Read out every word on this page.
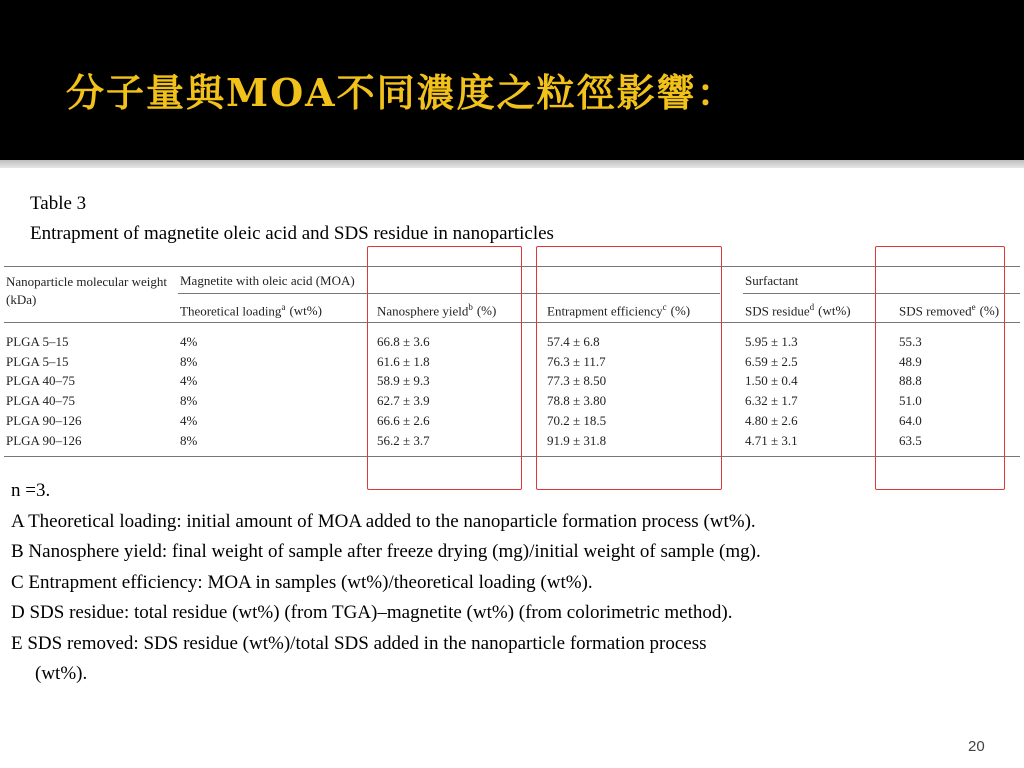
分子量與MOA不同濃度之粒徑影響：
Table 3
Entrapment of magnetite oleic acid and SDS residue in nanoparticles
Nanoparticle molecular weight (kDa)
Magnetite with oleic acid (MOA)	Surfactant
Theoretical loading$^a$ (wt%)	Nanosphere yield$^b$ (%)	Entrapment efficiency$^c$ (%)	SDS residue$^d$ (wt%)	SDS removed$^e$ (%)
PLGA 5–15	4%	66.8 ± 3.6	57.4 ± 6.8	5.95 ± 1.3	55.3
PLGA 5–15	8%	61.6 ± 1.8	76.3 ± 11.7	6.59 ± 2.5	48.9
PLGA 40–75	4%	58.9 ± 9.3	77.3 ± 8.50	1.50 ± 0.4	88.8
PLGA 40–75	8%	62.7 ± 3.9	78.8 ± 3.80	6.32 ± 1.7	51.0
PLGA 90–126	4%	66.6 ± 2.6	70.2 ± 18.5	4.80 ± 2.6	64.0
PLGA 90–126	8%	56.2 ± 3.7	91.9 ± 31.8	4.71 ± 3.1	63.5

n =3.

A Theoretical loading: initial amount of MOA added to the nanoparticle formation process (wt%).

B Nanosphere yield: final weight of sample after freeze drying (mg)/initial weight of sample (mg).

C Entrapment efficiency: MOA in samples (wt%)/theoretical loading (wt%).

D SDS residue: total residue (wt%) (from TGA)–magnetite (wt%) (from colorimetric method).

E SDS removed: SDS residue (wt%)/total SDS added in the nanoparticle formation process

(wt%).

20
